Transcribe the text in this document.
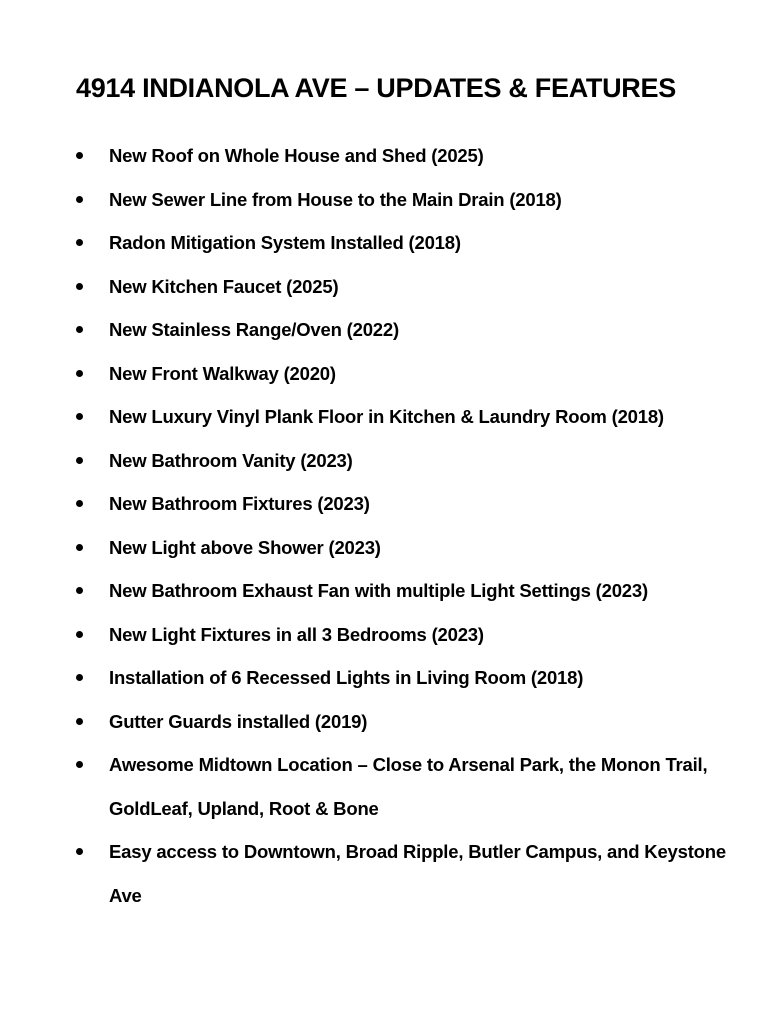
4914 INDIANOLA AVE – UPDATES & FEATURES
New Roof on Whole House and Shed (2025)
New Sewer Line from House to the Main Drain (2018)
Radon Mitigation System Installed (2018)
New Kitchen Faucet (2025)
New Stainless Range/Oven (2022)
New Front Walkway (2020)
New Luxury Vinyl Plank Floor in Kitchen & Laundry Room (2018)
New Bathroom Vanity (2023)
New Bathroom Fixtures (2023)
New Light above Shower (2023)
New Bathroom Exhaust Fan with multiple Light Settings (2023)
New Light Fixtures in all 3 Bedrooms (2023)
Installation of 6 Recessed Lights in Living Room (2018)
Gutter Guards installed (2019)
Awesome Midtown Location – Close to Arsenal Park, the Monon Trail, GoldLeaf, Upland, Root & Bone
Easy access to Downtown, Broad Ripple, Butler Campus, and Keystone Ave
